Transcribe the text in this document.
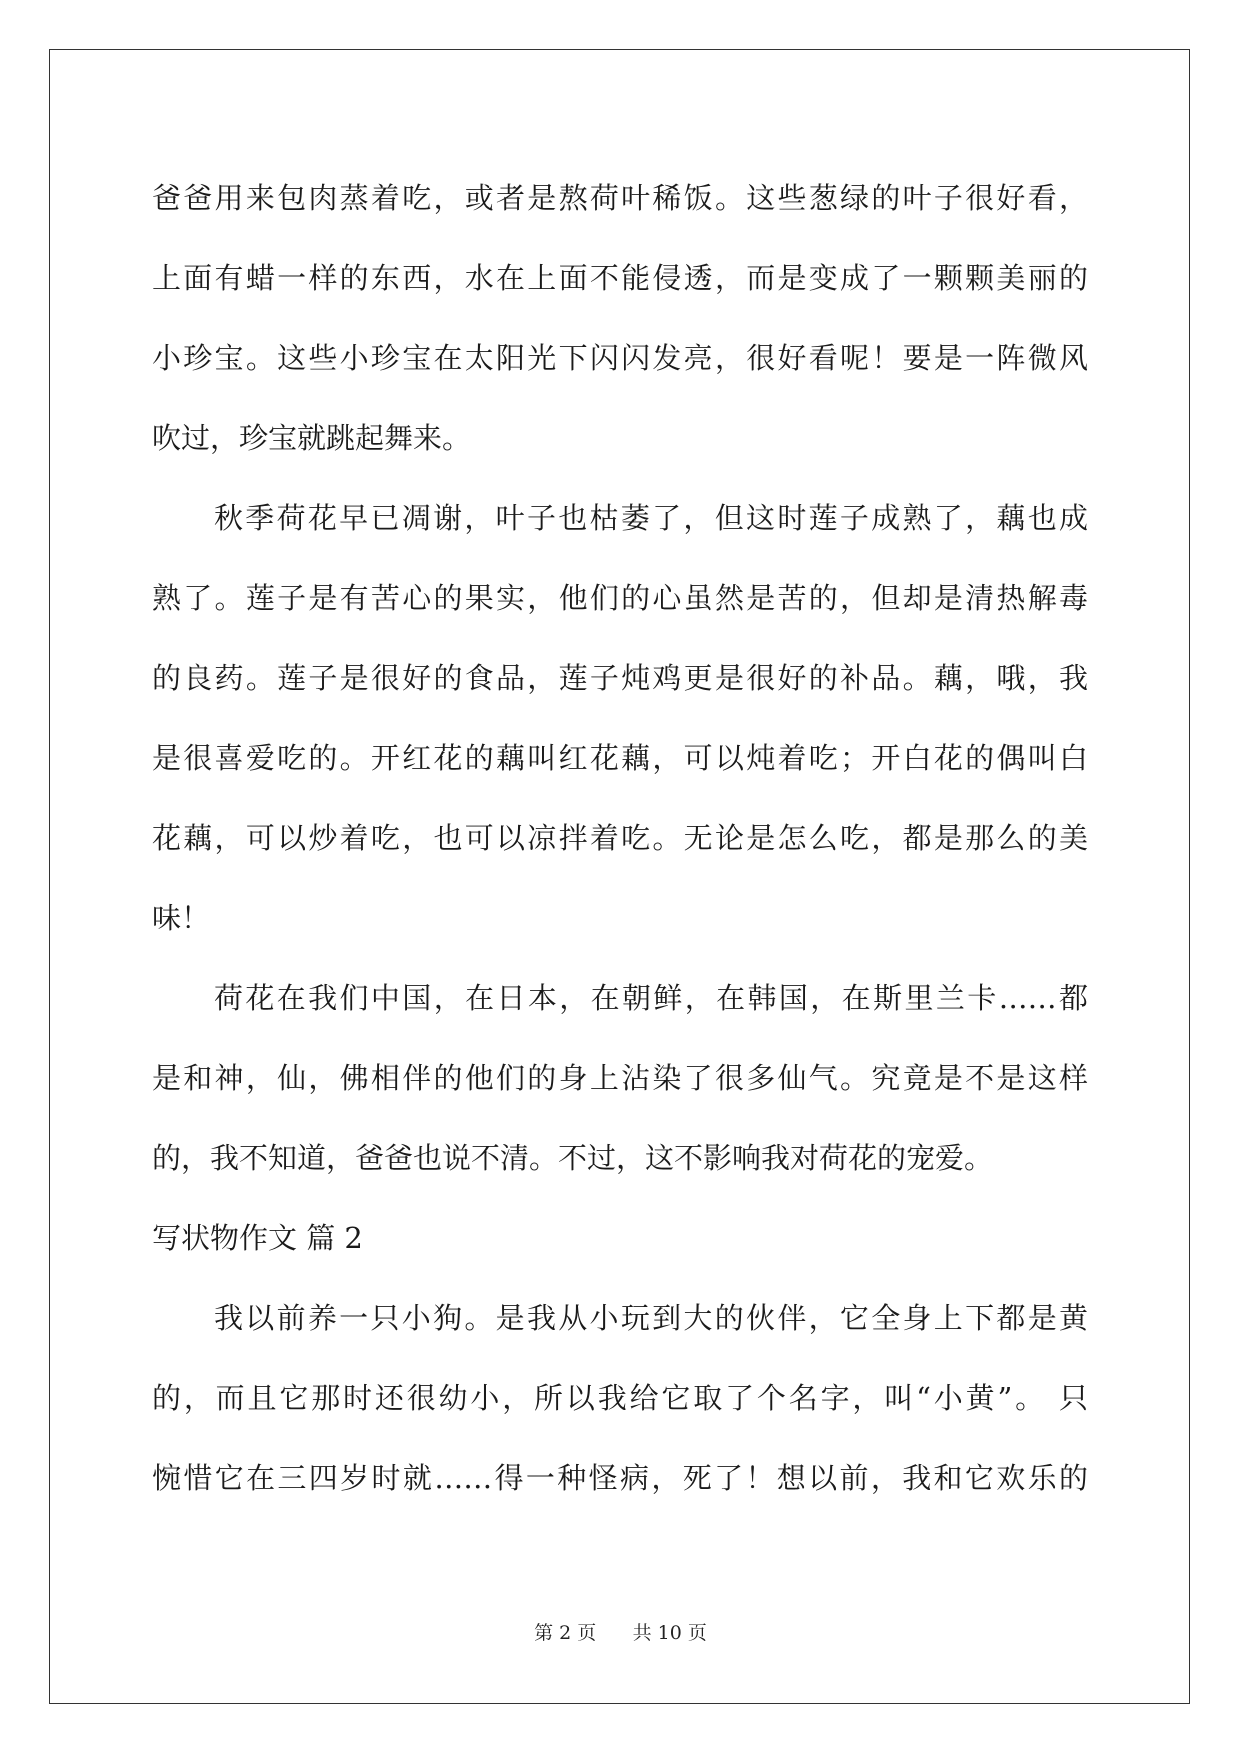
爸爸用来包肉蒸着吃，或者是熬荷叶稀饭。这些葱绿的叶子很好看，
上面有蜡一样的东西，水在上面不能侵透，而是变成了一颗颗美丽的
小珍宝。这些小珍宝在太阳光下闪闪发亮，很好看呢！要是一阵微风
吹过，珍宝就跳起舞来。
秋季荷花早已凋谢，叶子也枯萎了，但这时莲子成熟了，藕也成
熟了。莲子是有苦心的果实，他们的心虽然是苦的，但却是清热解毒
的良药。莲子是很好的食品，莲子炖鸡更是很好的补品。藕，哦，我
是很喜爱吃的。开红花的藕叫红花藕，可以炖着吃；开白花的偶叫白
花藕，可以炒着吃，也可以凉拌着吃。无论是怎么吃，都是那么的美
味！
荷花在我们中国，在日本，在朝鲜，在韩国，在斯里兰卡……都
是和神，仙，佛相伴的他们的身上沾染了很多仙气。究竟是不是这样
的，我不知道，爸爸也说不清。不过，这不影响我对荷花的宠爱。
写状物作文 篇 2
我以前养一只小狗。是我从小玩到大的伙伴，它全身上下都是黄
的，而且它那时还很幼小，所以我给它取了个名字，叫“小黄”。 只
惋惜它在三四岁时就……得一种怪病，死了！想以前，我和它欢乐的
第 2 页 共 10 页
